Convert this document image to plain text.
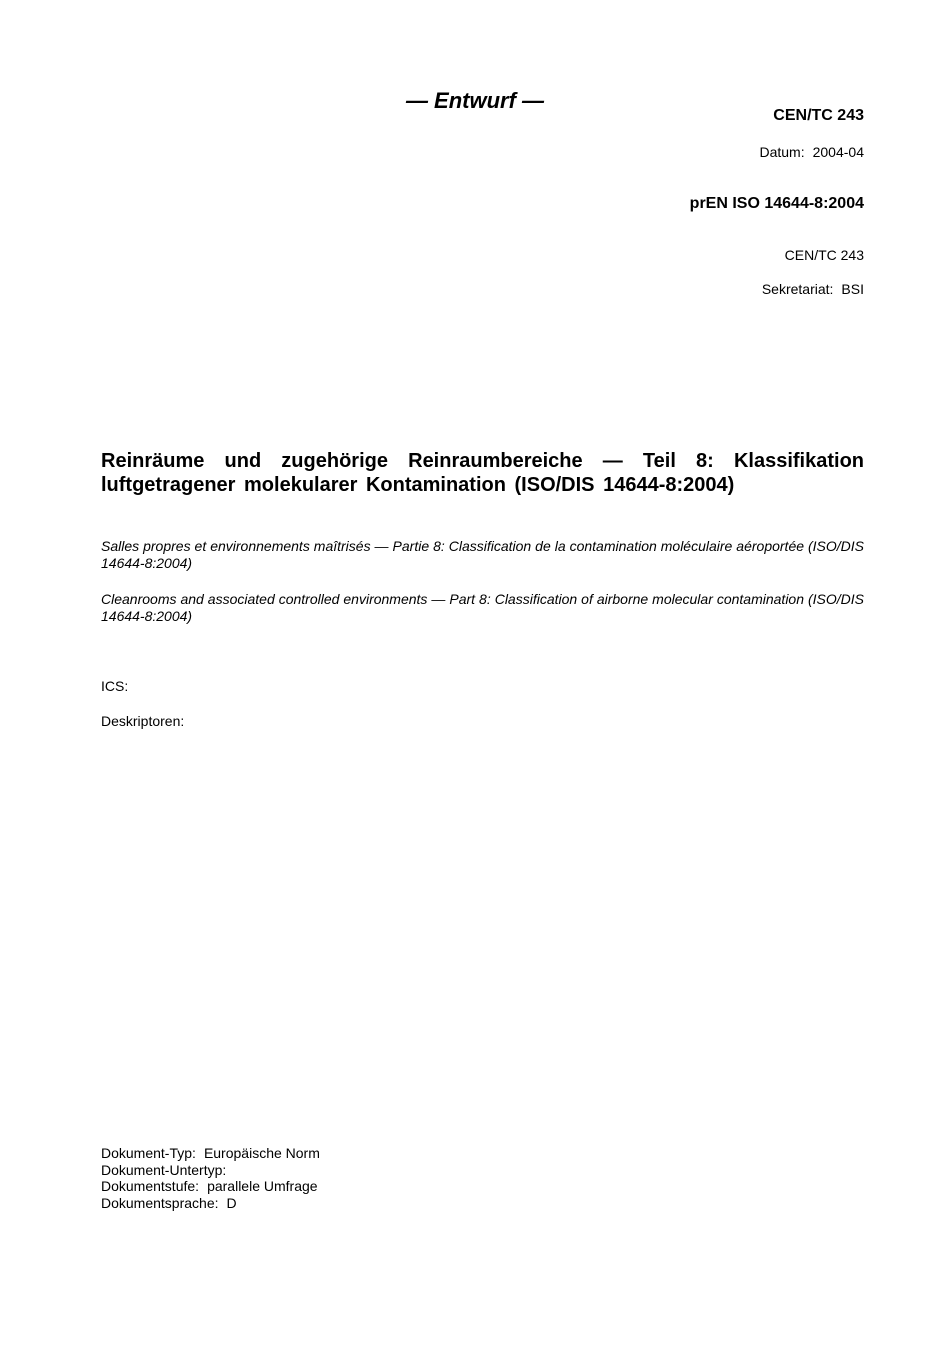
— Entwurf —
CEN/TC 243
Datum: 2004-04
prEN ISO 14644-8:2004
CEN/TC 243
Sekretariat: BSI
Reinräume und zugehörige Reinraumbereiche — Teil 8: Klassifikation luftgetragener molekularer Kontamination (ISO/DIS 14644-8:2004)
Salles propres et environnements maîtrisés — Partie 8: Classification de la contamination moléculaire aéroportée (ISO/DIS 14644-8:2004)
Cleanrooms and associated controlled environments — Part 8: Classification of airborne molecular contamination (ISO/DIS 14644-8:2004)
ICS:
Deskriptoren:
Dokument-Typ: Europäische Norm
Dokument-Untertyp:
Dokumentstufe: parallele Umfrage
Dokumentsprache: D
